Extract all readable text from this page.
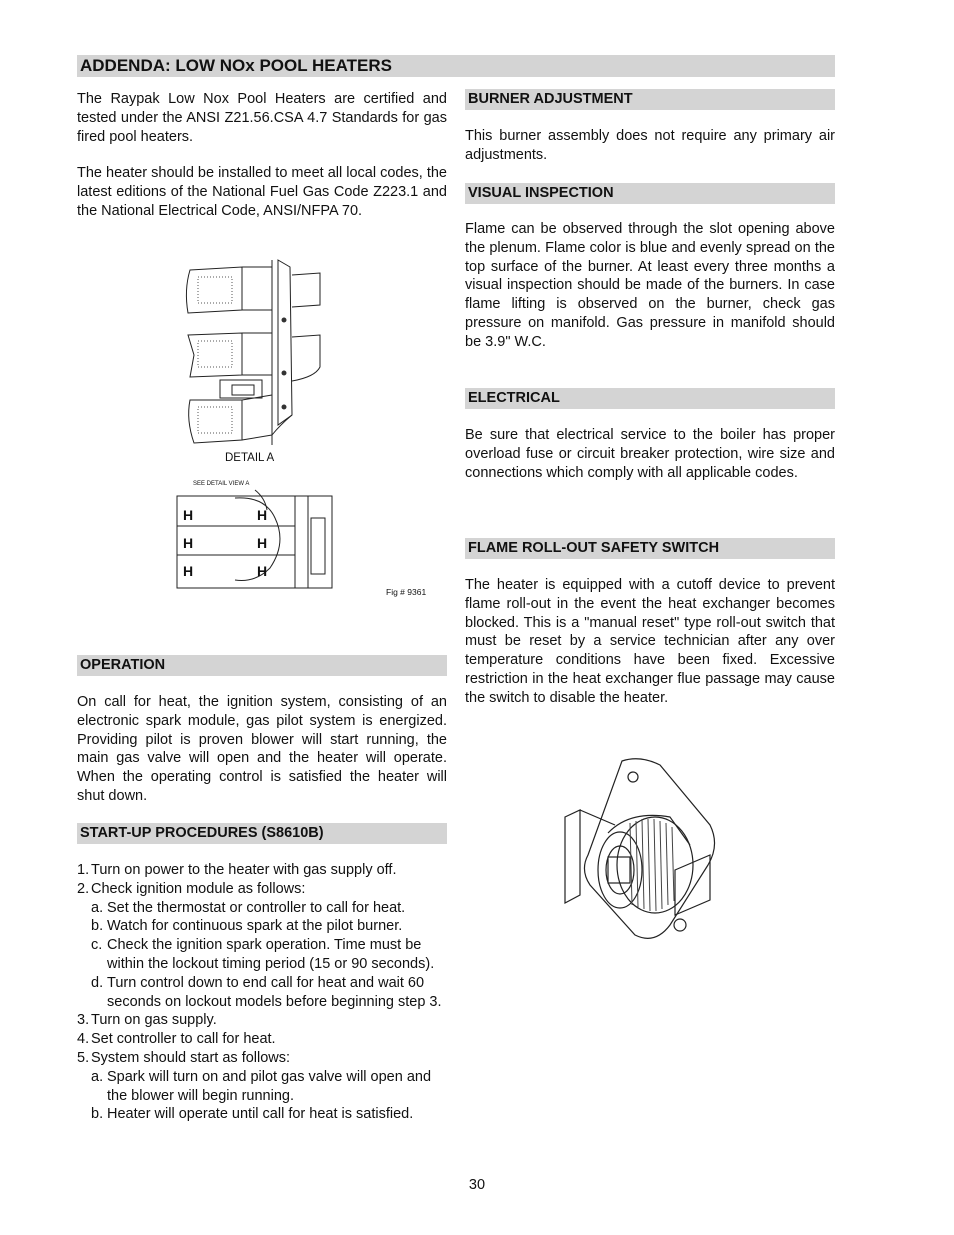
ADDENDA: LOW NOx POOL HEATERS

The Raypak Low Nox Pool Heaters are certified and tested under the ANSI Z21.56.CSA 4.7 Standards for gas fired pool heaters.

The heater should be installed to meet all local codes, the latest editions of the National Fuel Gas Code Z223.1 and the National Electrical Code, ANSI/NFPA 70.

DETAIL A
SEE DETAIL VIEW A
H
H
H
H
H
H
Fig # 9361
OPERATION
On call for heat, the ignition system, consisting of an electronic spark module, gas pilot system is energized. Providing pilot is proven blower will start running, the main gas valve will open and the heater will operate. When the operating control is satisfied the heater will shut down.
START-UP PROCEDURES (S8610B)
1. Turn on power to the heater with gas supply off.
2. Check ignition module as follows:
a. Set the thermostat or controller to call for heat.
b. Watch for continuous spark at the pilot burner.
c. Check the ignition spark operation. Time must be within the lockout timing period (15 or 90 seconds).
d. Turn control down to end call for heat and wait 60 seconds on lockout models before beginning step 3.
3. Turn on gas supply.
4. Set controller to call for heat.
5. System should start as follows:
a. Spark will turn on and pilot gas valve will open and the blower will begin running.
b. Heater will operate until call for heat is satisfied.
BURNER ADJUSTMENT
This burner assembly does not require any primary air adjustments.
VISUAL INSPECTION
Flame can be observed through the slot opening above the plenum. Flame color is blue and evenly spread on the top surface of the burner. At least every three months a visual inspection should be made of the burners. In case flame lifting is observed on the burner, check gas pressure on manifold. Gas pressure in manifold should be 3.9" W.C.
ELECTRICAL
Be sure that electrical service to the boiler has proper overload fuse or circuit breaker protection, wire size and connections which comply with all applicable codes.
FLAME ROLL-OUT SAFETY SWITCH
The heater is equipped with a cutoff device to prevent flame roll-out in the event the heat exchanger becomes blocked. This is a "manual reset" type roll-out switch that must be reset by a service technician after any over temperature conditions have been fixed. Excessive restriction in the heat exchanger flue passage may cause the switch to disable the heater.
30
